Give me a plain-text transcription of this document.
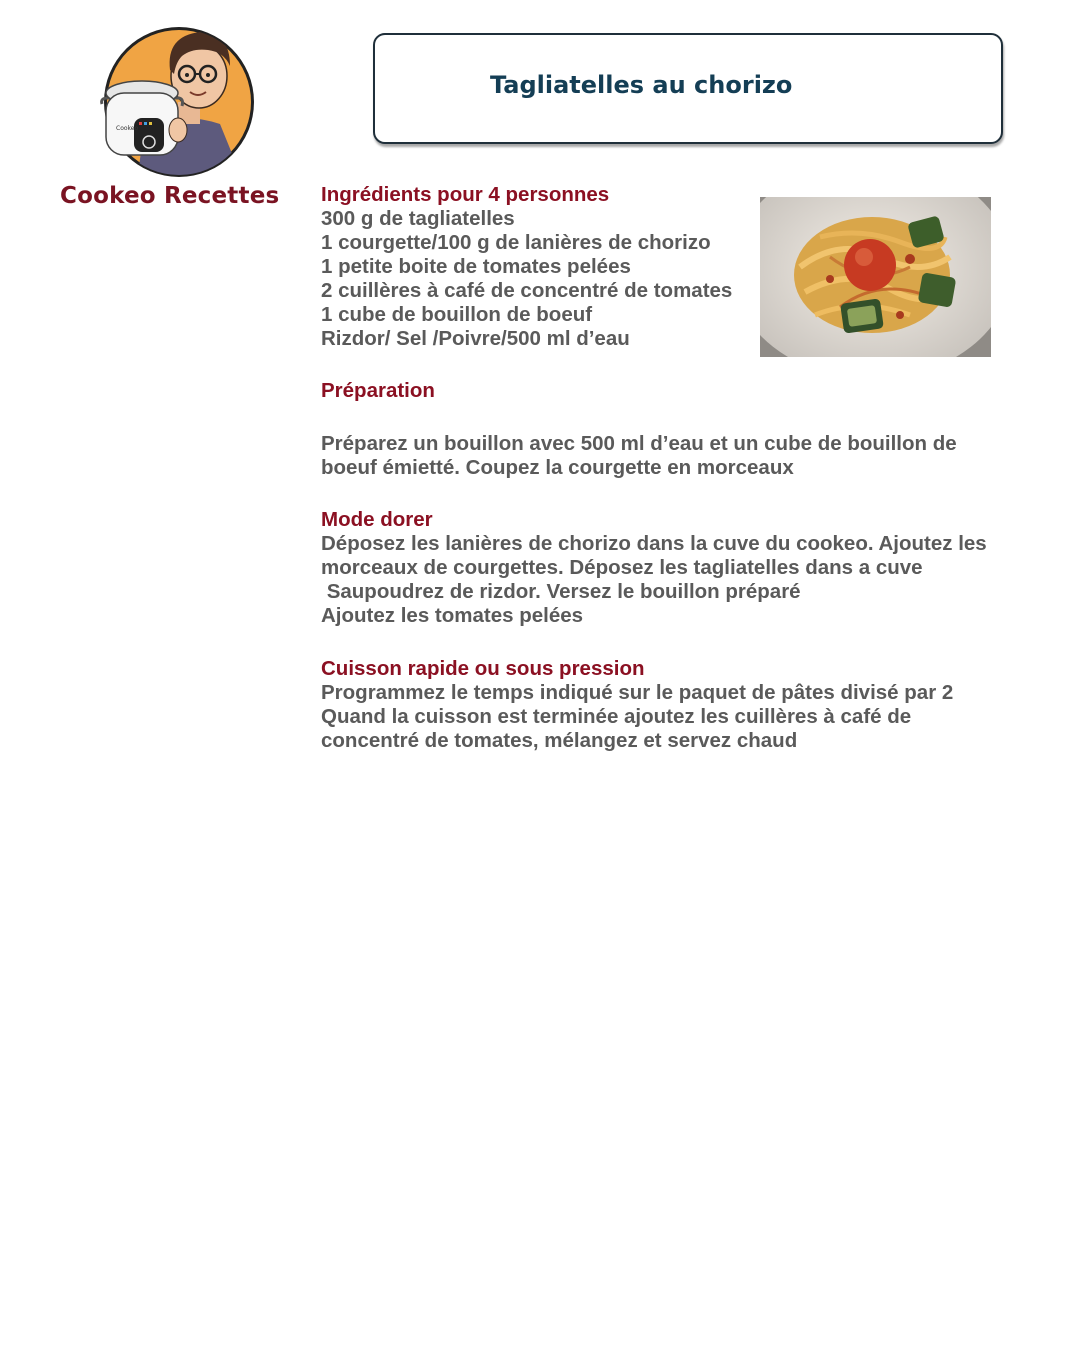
Cookeo
Cookeo Recettes
Tagliatelles au chorizo
Ingrédients pour 4 personnes
300 g de tagliatelles
1 courgette/100 g de lanières de chorizo
1 petite boite de tomates pelées
2 cuillères à café de concentré de tomates
1 cube de bouillon de boeuf
Rizdor/ Sel /Poivre/500 ml d’eau
Préparation
Préparez un bouillon avec 500 ml d’eau et un cube de bouillon de
boeuf émietté. Coupez la courgette en morceaux
Mode dorer
Déposez les lanières de chorizo dans la cuve du cookeo. Ajoutez les
morceaux de courgettes. Déposez les tagliatelles dans a cuve
Saupoudrez de rizdor. Versez le bouillon préparé
Ajoutez les tomates pelées
Cuisson rapide ou sous pression
Programmez le temps indiqué sur le paquet de pâtes divisé par 2
Quand la cuisson est terminée ajoutez les cuillères à café de
concentré de tomates, mélangez et servez chaud
